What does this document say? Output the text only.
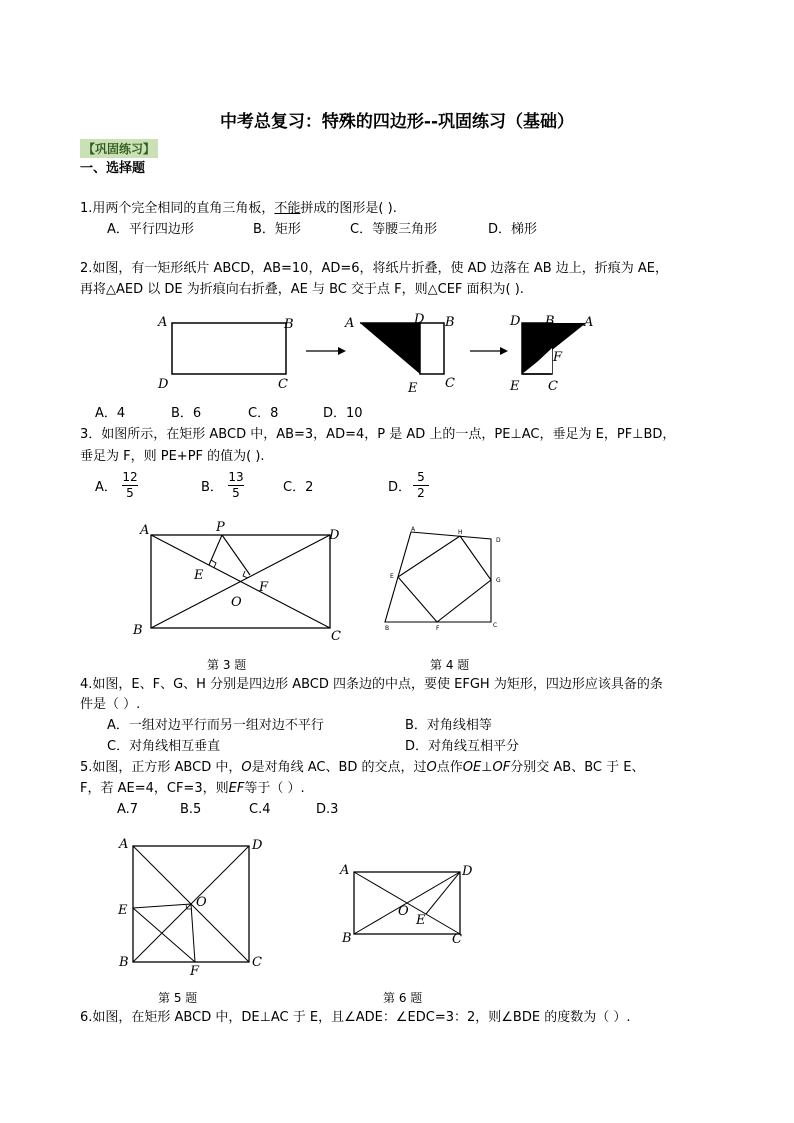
中考总复习：特殊的四边形--巩固练习（基础）
【巩固练习】
一、选择题
1.用两个完全相同的直角三角板，不能拼成的图形是( ).
A．平行四边形	B．矩形	C．等腰三角形	D．梯形
2.如图，有一矩形纸片 ABCD，AB=10，AD=6，将纸片折叠，使 AD 边落在 AB 边上，折痕为 AE，
再将△AED 以 DE 为折痕向右折叠，AE 与 BC 交于点 F，则△CEF 面积为( ).
A	B
D	C
A	D B
E C
D B A
F
E C
A．4	B．6	C．8	D．10
3．如图所示，在矩形 ABCD 中，AB=3，AD=4，P 是 AD 上的一点，PE⊥AC，垂足为 E，PF⊥BD，
垂足为 F，则 PE+PF 的值为( ).
A． $\frac{12}{5}$	B． $\frac{13}{5}$	C．2	D． $\frac{5}{2}$
A	P
D
E
F
O
B	C
第 3 题
A	H
D
E
G
B	F	C
第 4 题
4.如图，E、F、G、H 分别是四边形 ABCD 四条边的中点，要使 EFGH 为矩形，四边形应该具备的条
件是（ ）.
A．一组对边平行而另一组对边不平行	B．对角线相等
C．对角线相互垂直	D．对角线互相平分
5.如图，正方形 ABCD 中，O是对角线 AC、BD 的交点，过O点作OE⊥OF分别交 AB、BC 于 E、
F，若 AE=4，CF=3，则EF等于（ ）.
A.7	B.5	C.4	D.3
A	D
E
O
B
F
C
第 5 题
A	D
O
E
B	C
第 6 题
6.如图，在矩形 ABCD 中，DE⊥AC 于 E，且∠ADE：∠EDC=3：2，则∠BDE 的度数为（ ）.
